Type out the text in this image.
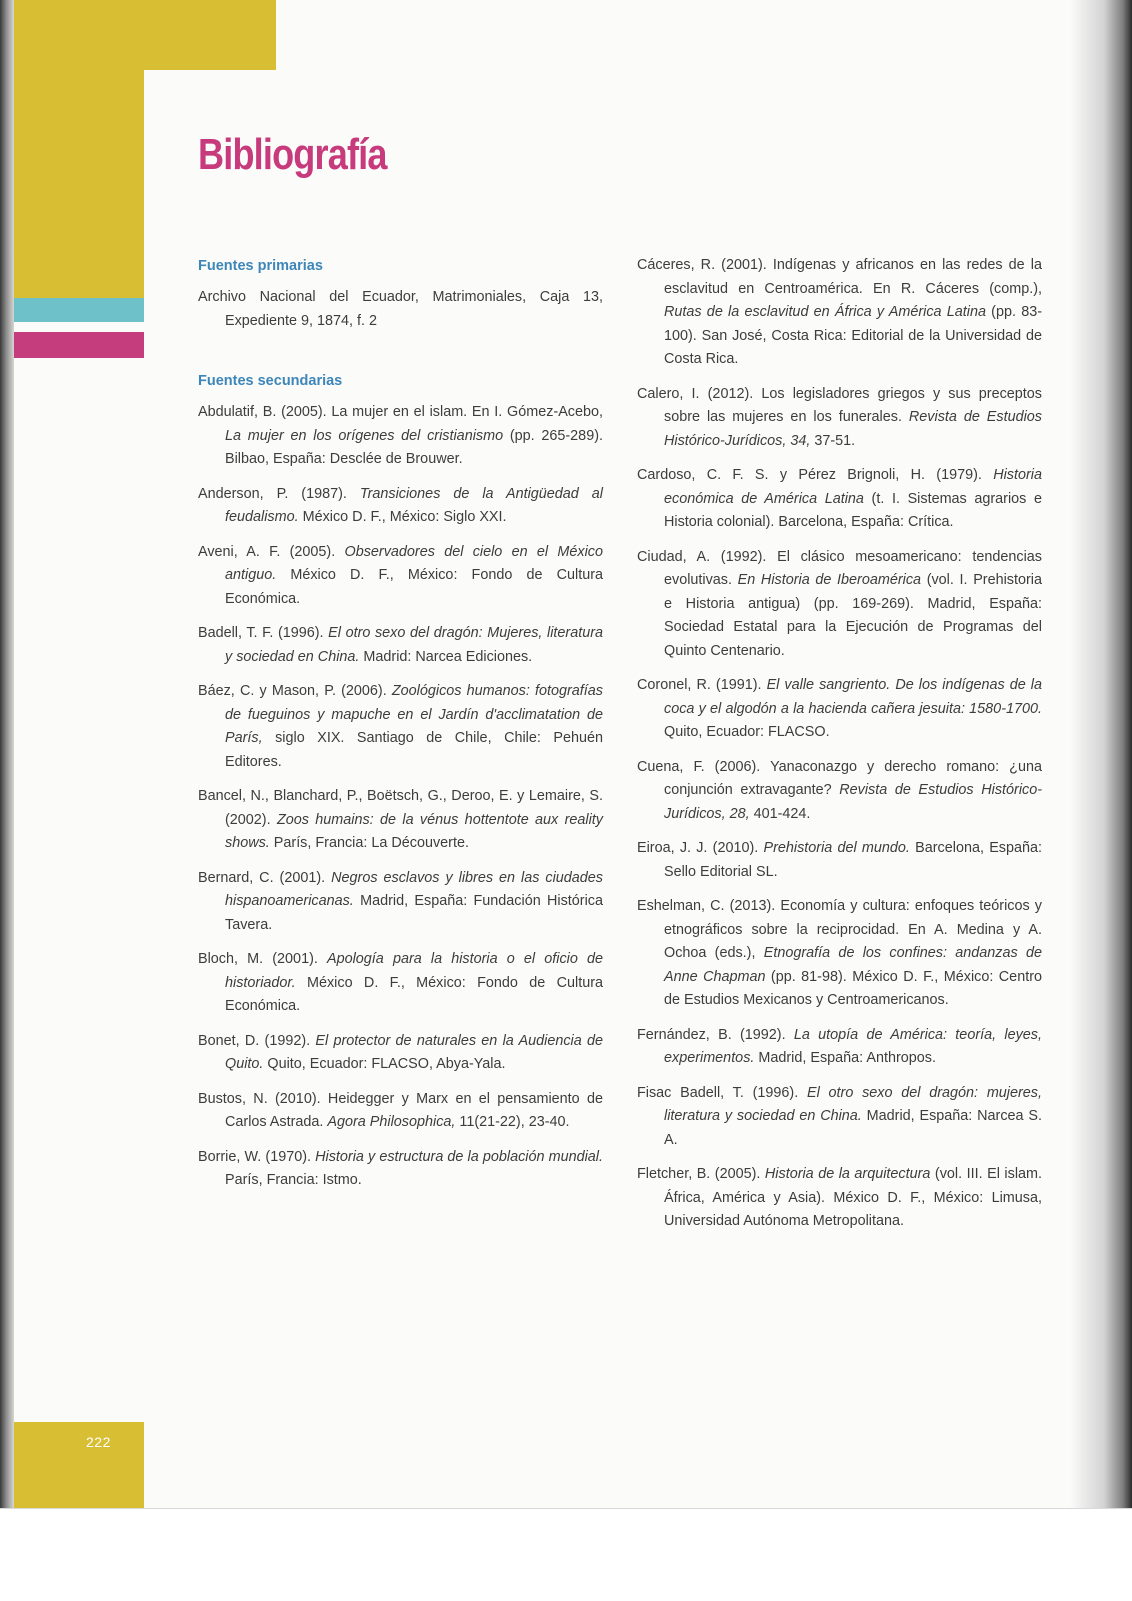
222
Bibliografía
Fuentes primarias

Archivo Nacional del Ecuador, Matrimoniales, Caja 13, Expediente 9, 1874, f. 2

Fuentes secundarias

Abdulatif, B. (2005). La mujer en el islam. En I. Gómez-Acebo, La mujer en los orígenes del cristianismo (pp. 265-289). Bilbao, España: Desclée de Brouwer.

Anderson, P. (1987). Transiciones de la Antigüedad al feudalismo. México D. F., México: Siglo XXI.

Aveni, A. F. (2005). Observadores del cielo en el México antiguo. México D. F., México: Fondo de Cultura Económica.

Badell, T. F. (1996). El otro sexo del dragón: Mujeres, literatura y sociedad en China. Madrid: Narcea Ediciones.

Báez, C. y Mason, P. (2006). Zoológicos humanos: fotografías de fueguinos y mapuche en el Jardín d'acclimatation de París, siglo XIX. Santiago de Chile, Chile: Pehuén Editores.

Bancel, N., Blanchard, P., Boëtsch, G., Deroo, E. y Lemaire, S. (2002). Zoos humains: de la vénus hottentote aux reality shows. París, Francia: La Découverte.

Bernard, C. (2001). Negros esclavos y libres en las ciudades hispanoamericanas. Madrid, España: Fundación Histórica Tavera.

Bloch, M. (2001). Apología para la historia o el oficio de historiador. México D. F., México: Fondo de Cultura Económica.

Bonet, D. (1992). El protector de naturales en la Audiencia de Quito. Quito, Ecuador: FLACSO, Abya-Yala.

Bustos, N. (2010). Heidegger y Marx en el pensamiento de Carlos Astrada. Agora Philosophica, 11(21-22), 23-40.

Borrie, W. (1970). Historia y estructura de la población mundial. París, Francia: Istmo.

Cáceres, R. (2001). Indígenas y africanos en las redes de la esclavitud en Centroamérica. En R. Cáceres (comp.), Rutas de la esclavitud en África y América Latina (pp. 83-100). San José, Costa Rica: Editorial de la Universidad de Costa Rica.

Calero, I. (2012). Los legisladores griegos y sus preceptos sobre las mujeres en los funerales. Revista de Estudios Histórico-Jurídicos, 34, 37-51.

Cardoso, C. F. S. y Pérez Brignoli, H. (1979). Historia económica de América Latina (t. I. Sistemas agrarios e Historia colonial). Barcelona, España: Crítica.

Ciudad, A. (1992). El clásico mesoamericano: tendencias evolutivas. En Historia de Iberoamérica (vol. I. Prehistoria e Historia antigua) (pp. 169-269). Madrid, España: Sociedad Estatal para la Ejecución de Programas del Quinto Centenario.

Coronel, R. (1991). El valle sangriento. De los indígenas de la coca y el algodón a la hacienda cañera jesuita: 1580-1700. Quito, Ecuador: FLACSO.

Cuena, F. (2006). Yanaconazgo y derecho romano: ¿una conjunción extravagante? Revista de Estudios Histórico-Jurídicos, 28, 401-424.

Eiroa, J. J. (2010). Prehistoria del mundo. Barcelona, España: Sello Editorial SL.

Eshelman, C. (2013). Economía y cultura: enfoques teóricos y etnográficos sobre la reciprocidad. En A. Medina y A. Ochoa (eds.), Etnografía de los confines: andanzas de Anne Chapman (pp. 81-98). México D. F., México: Centro de Estudios Mexicanos y Centroamericanos.

Fernández, B. (1992). La utopía de América: teoría, leyes, experimentos. Madrid, España: Anthropos.

Fisac Badell, T. (1996). El otro sexo del dragón: mujeres, literatura y sociedad en China. Madrid, España: Narcea S. A.

Fletcher, B. (2005). Historia de la arquitectura (vol. III. El islam. África, América y Asia). México D. F., México: Limusa, Universidad Autónoma Metropolitana.
